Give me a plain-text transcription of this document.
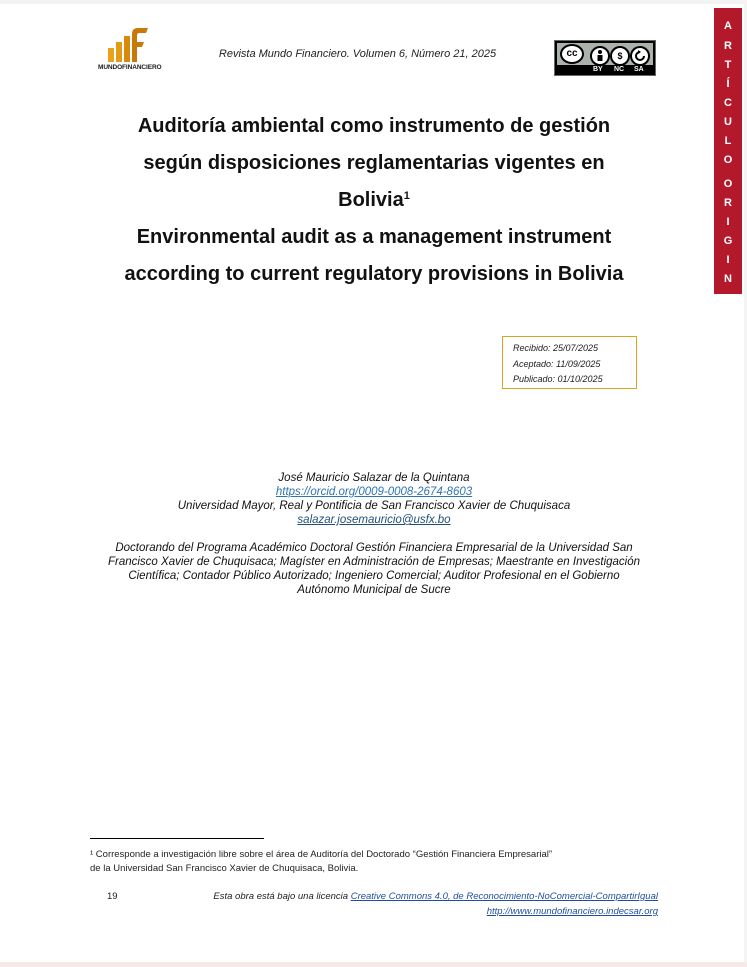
MUNDOFINANCIERO
Revista Mundo Financiero. Volumen 6, Número 21, 2025	cc	$
BY NC SA
A
R
T
Í
C
U
L
O
O
R
I
G
I
N
Auditoría ambiental como instrumento de gestión
según disposiciones reglamentarias vigentes en
Bolivia$^1$
Environmental audit as a management instrument
according to current regulatory provisions in Bolivia
Recibido: 25/07/2025
Aceptado: 11/09/2025
Publicado: 01/10/2025
José Mauricio Salazar de la Quintana
https://orcid.org/0009-0008-2674-8603
Universidad Mayor, Real y Pontificia de San Francisco Xavier de Chuquisaca
salazar.josemauricio@usfx.bo
Doctorando del Programa Académico Doctoral Gestión Financiera Empresarial de la Universidad San
Francisco Xavier de Chuquisaca; Magíster en Administración de Empresas; Maestrante en Investigación
Científica; Contador Público Autorizado; Ingeniero Comercial; Auditor Profesional en el Gobierno
Autónomo Municipal de Sucre
¹ Corresponde a investigación libre sobre el área de Auditoría del Doctorado “Gestión Financiera Empresarial”
de la Universidad San Francisco Xavier de Chuquisaca, Bolivia.
19	Esta obra está bajo una licencia Creative Commons 4.0, de Reconocimiento-NoComercial-CompartirIgual
http://www.mundofinanciero.indecsar.org
